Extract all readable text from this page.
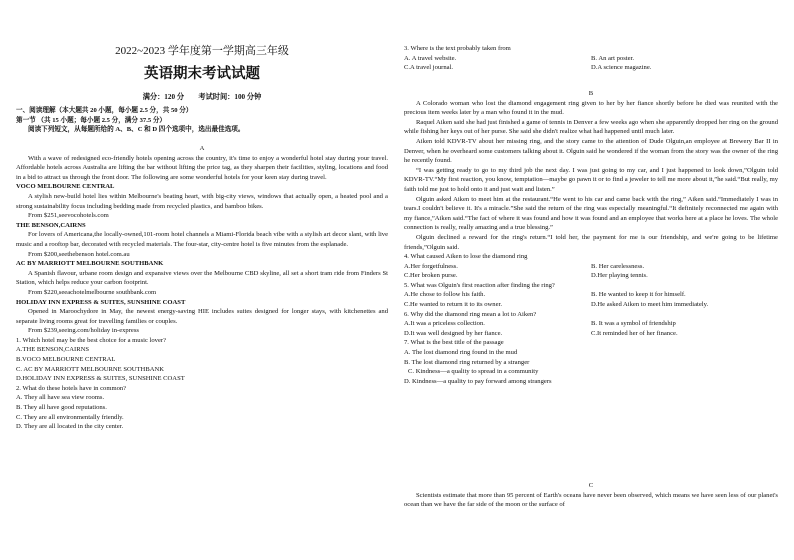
2022~2023 学年度第一学期高三年级

英语期末考试试题

满分：120 分 考试时间：100 分钟

一、阅读理解（本大题共 20 小题，每小题 2.5 分，共 50 分）

第一节 （共 15 小题；每小题 2.5 分，满分 37.5 分）

阅读下列短文，从每题所给的 A、B、C 和 D 四个选项中，选出最佳选项。

A

With a wave of redesigned eco-friendly hotels opening across the country, it's time to enjoy a wonderful hotel stay during your travel. Affordable hotels across Australia are lifting the bar without lifting the price tag, as they sharpen their facilities, styling, locations and food in a bid to attract us through the front door. The following are some wonderful hotels for your keen stay during travel.

VOCO MELBOURNE CENTRAL

A stylish new-build hotel lies within Melbourne's beating heart, with big-city views, windows that actually open, a heated pool and a strong sustainability focus including bedding made from recycled plastics, and bamboo bikes.

From $251,seevocohotels.com

THE BENSON,CAIRNS

For lovers of Americana,the locally-owned,101-room hotel channels a Miami-Florida beach vibe with a stylish art decor slant, with live music and a rooftop bar, decorated with recycled materials. The four-star, city-centre hotel is five minutes from the esplanade.

From $200,seethebenson hotel.com.au

AC BY MARRIOTT MELBOURNE SOUTHBANK

A Spanish flavour, urbane room design and expansive views over the Melbourne CBD skyline, all set a short tram ride from Finders St Station, which helps reduce your carbon footprint.

From $220,seeachotelmelbourne southbank.com

HOLIDAY INN EXPRESS & SUITES, SUNSHINE COAST

Opened in Maroochydore in May, the newest energy-saving HIE includes suites designed for longer stays, with kitchenettes and separate living rooms great for travelling families or couples.

From $239,seeing.com/holiday in-express

1. Which hotel may be the best choice for a music lover?

A.THE BENSON,CAIRNS

B.VOCO MELBOURNE CENTRAL

C. AC BY MARRIOTT MELBOURNE SOUTHBANK

D.HOLIDAY INN EXPRESS & SUITES, SUNSHINE COAST

2. What do these hotels have in common?

A. They all have sea view rooms.

B. They all have good reputations.

C. They are all environmentally friendly.

D. They are all located in the city center.

3. Where is the text probably taken from

A. A travel website.	B. An art poster.
C.A travel journal.	D.A science magazine.

B

A Colorado woman who lost the diamond engagement ring given to her by her fiance shortly before he died was reunited with the precious item weeks later by a man who found it in the mud.

Raquel Aiken said she had just finished a game of tennis in Denver a few weeks ago when she apparently dropped her ring on the ground while fishing her keys out of her purse. She said she didn't realize what had happened until much later.

Aiken told KDVR-TV about her missing ring, and the story came to the attention of Dude Olguin,an employee at Brewery Bar II in Denver, when he overheard some customers talking about it. Olguin said he wondered if the woman from the story was the owner of the ring he recently found.

“I was getting ready to go to my third job the next day. I was just going to my car, and I just happened to look down,”Olguin told KDVR-TV.“My first reaction, you know, temptation—maybe go pawn it or to find a jeweler to tell me more about it,”he said.“But really, my faith told me just to hold onto it and just wait and listen.”

Olguin asked Aiken to meet him at the restaurant.“He went to his car and came back with the ring,” Aiken said.“Immediately I was in tears.I couldn't believe it. It's a miracle.”She said the return of the ring was especially meaningful.“It definitely reconnected me again with my fiance,”Aiken said.“The fact of where it was found and how it was found and an employee that works here at a place he loves. The whole connection is really, really amazing and a true blessing.”

Olguin declined a reward for the ring's return.“I told her, the payment for me is our friendship, and we're going to be lifetime friends,”Olguin said.

4. What caused Aiken to lose the diamond ring

A.Her forgetfulness.	B. Her carelessness.
C.Her broken purse.	D.Her playing tennis.

5. What was Olguin's first reaction after finding the ring?

A.He chose to follow his faith.	B. He wanted to keep it for himself.
C.He wanted to return it to its owner.	D.He asked Aiken to meet him immediately.

6. Why did the diamond ring mean a lot to Aiken?

A.It was a priceless collection.	B. It was a symbol of friendship
D.It was well designed by her fiance.	C.It reminded her of her finance.

7. What is the best title of the passage

A. The lost diamond ring found in the mud

B. The lost diamond ring returned by a stranger

C. Kindness—a quality to spread in a community

D. Kindness—a quality to pay forward among strangers

C

Scientists estimate that more than 95 percent of Earth's oceans have never been observed, which means we have seen less of our planet's ocean than we have the far side of the moon or the surface of
